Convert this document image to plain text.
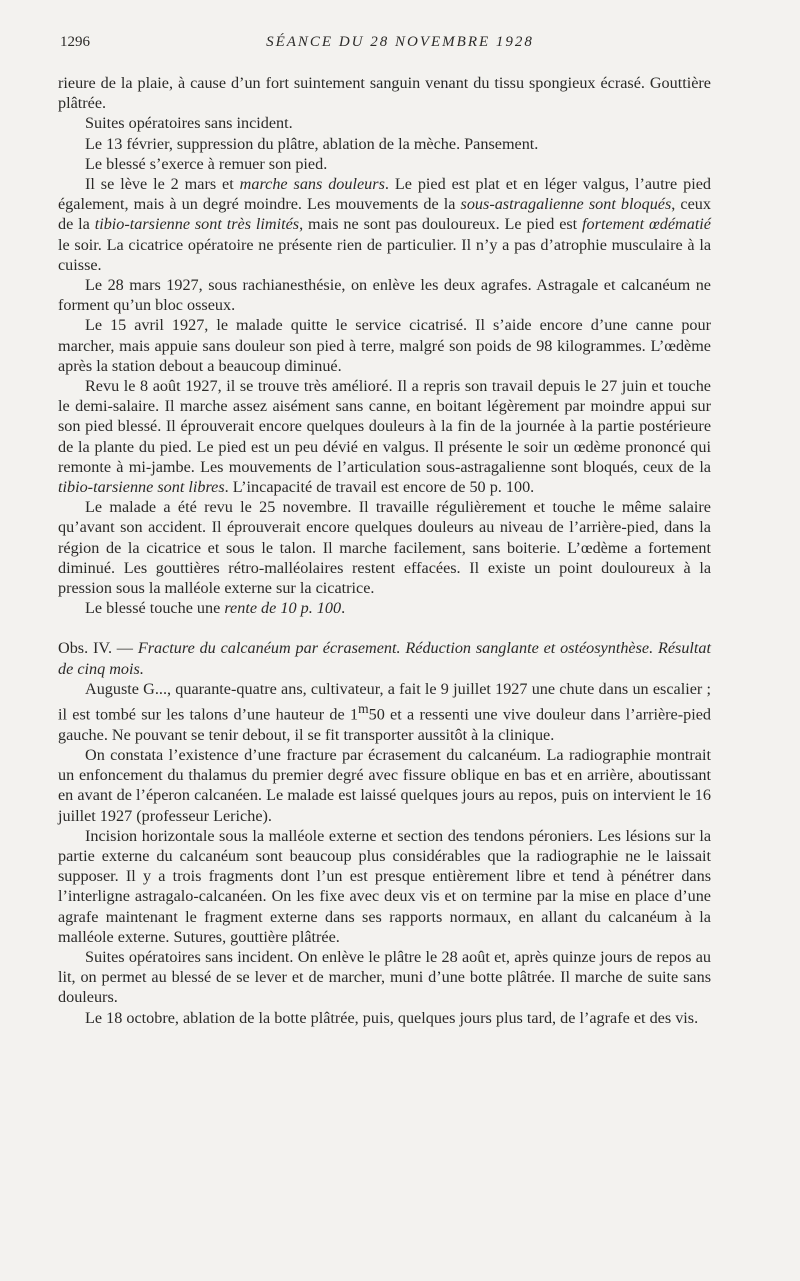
1296	SÉANCE DU 28 NOVEMBRE 1928

rieure de la plaie, à cause d’un fort suintement sanguin venant du tissu spongieux écrasé. Gouttière plâtrée.

Suites opératoires sans incident.

Le 13 février, suppression du plâtre, ablation de la mèche. Pansement.

Le blessé s’exerce à remuer son pied.

Il se lève le 2 mars et marche sans douleurs. Le pied est plat et en léger valgus, l’autre pied également, mais à un degré moindre. Les mouvements de la sous-astragalienne sont bloqués, ceux de la tibio-tarsienne sont très limités, mais ne sont pas douloureux. Le pied est fortement œdématié le soir. La cicatrice opératoire ne présente rien de particulier. Il n’y a pas d’atrophie musculaire à la cuisse.

Le 28 mars 1927, sous rachianesthésie, on enlève les deux agrafes. Astragale et calcanéum ne forment qu’un bloc osseux.

Le 15 avril 1927, le malade quitte le service cicatrisé. Il s’aide encore d’une canne pour marcher, mais appuie sans douleur son pied à terre, malgré son poids de 98 kilogrammes. L’œdème après la station debout a beaucoup diminué.

Revu le 8 août 1927, il se trouve très amélioré. Il a repris son travail depuis le 27 juin et touche le demi-salaire. Il marche assez aisément sans canne, en boitant légèrement par moindre appui sur son pied blessé. Il éprouverait encore quelques douleurs à la fin de la journée à la partie postérieure de la plante du pied. Le pied est un peu dévié en valgus. Il présente le soir un œdème prononcé qui remonte à mi-jambe. Les mouvements de l’articulation sous-astragalienne sont bloqués, ceux de la tibio-tarsienne sont libres. L’incapacité de travail est encore de 50 p. 100.

Le malade a été revu le 25 novembre. Il travaille régulièrement et touche le même salaire qu’avant son accident. Il éprouverait encore quelques douleurs au niveau de l’arrière-pied, dans la région de la cicatrice et sous le talon. Il marche facilement, sans boiterie. L’œdème a fortement diminué. Les gouttières rétro-malléolaires restent effacées. Il existe un point douloureux à la pression sous la malléole externe sur la cicatrice.

Le blessé touche une rente de 10 p. 100.

Obs. IV. — Fracture du calcanéum par écrasement. Réduction sanglante et ostéosynthèse. Résultat de cinq mois.

Auguste G..., quarante-quatre ans, cultivateur, a fait le 9 juillet 1927 une chute dans un escalier ; il est tombé sur les talons d’une hauteur de 1$^m$50 et a ressenti une vive douleur dans l’arrière-pied gauche. Ne pouvant se tenir debout, il se fit transporter aussitôt à la clinique.

On constata l’existence d’une fracture par écrasement du calcanéum. La radiographie montrait un enfoncement du thalamus du premier degré avec fissure oblique en bas et en arrière, aboutissant en avant de l’éperon calcanéen. Le malade est laissé quelques jours au repos, puis on intervient le 16 juillet 1927 (professeur Leriche).

Incision horizontale sous la malléole externe et section des tendons péroniers. Les lésions sur la partie externe du calcanéum sont beaucoup plus considérables que la radiographie ne le laissait supposer. Il y a trois fragments dont l’un est presque entièrement libre et tend à pénétrer dans l’interligne astragalo-calcanéen. On les fixe avec deux vis et on termine par la mise en place d’une agrafe maintenant le fragment externe dans ses rapports normaux, en allant du calcanéum à la malléole externe. Sutures, gouttière plâtrée.

Suites opératoires sans incident. On enlève le plâtre le 28 août et, après quinze jours de repos au lit, on permet au blessé de se lever et de marcher, muni d’une botte plâtrée. Il marche de suite sans douleurs.

Le 18 octobre, ablation de la botte plâtrée, puis, quelques jours plus tard, de l’agrafe et des vis.
